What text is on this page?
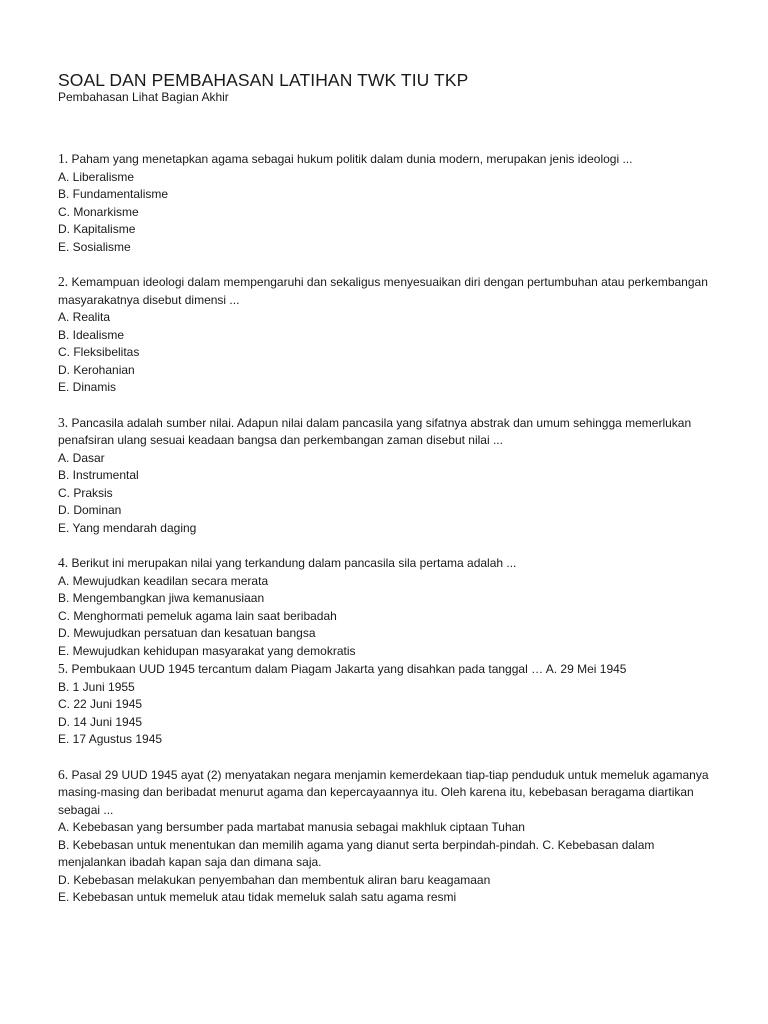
SOAL DAN PEMBAHASAN LATIHAN TWK TIU TKP

Pembahasan Lihat Bagian Akhir

1. Paham yang menetapkan agama sebagai hukum politik dalam dunia modern, merupakan jenis ideologi ...

A. Liberalisme

B. Fundamentalisme

C. Monarkisme

D. Kapitalisme

E. Sosialisme

2. Kemampuan ideologi dalam mempengaruhi dan sekaligus menyesuaikan diri dengan pertumbuhan atau perkembangan masyarakatnya disebut dimensi ...

A. Realita

B. Idealisme

C. Fleksibelitas

D. Kerohanian

E. Dinamis

3. Pancasila adalah sumber nilai. Adapun nilai dalam pancasila yang sifatnya abstrak dan umum sehingga memerlukan penafsiran ulang sesuai keadaan bangsa dan perkembangan zaman disebut nilai ...

A. Dasar

B. Instrumental

C. Praksis

D. Dominan

E. Yang mendarah daging

4. Berikut ini merupakan nilai yang terkandung dalam pancasila sila pertama adalah ...

A. Mewujudkan keadilan secara merata

B. Mengembangkan jiwa kemanusiaan

C. Menghormati pemeluk agama lain saat beribadah

D. Mewujudkan persatuan dan kesatuan bangsa

E. Mewujudkan kehidupan masyarakat yang demokratis

5. Pembukaan UUD 1945 tercantum dalam Piagam Jakarta yang disahkan pada tanggal … A. 29 Mei 1945

B. 1 Juni 1955

C. 22 Juni 1945

D. 14 Juni 1945

E. 17 Agustus 1945

6. Pasal 29 UUD 1945 ayat (2) menyatakan negara menjamin kemerdekaan tiap-tiap penduduk untuk memeluk agamanya masing-masing dan beribadat menurut agama dan kepercayaannya itu. Oleh karena itu, kebebasan beragama diartikan sebagai ...

A. Kebebasan yang bersumber pada martabat manusia sebagai makhluk ciptaan Tuhan

B. Kebebasan untuk menentukan dan memilih agama yang dianut serta berpindah-pindah. C. Kebebasan dalam menjalankan ibadah kapan saja dan dimana saja.

D. Kebebasan melakukan penyembahan dan membentuk aliran baru keagamaan

E. Kebebasan untuk memeluk atau tidak memeluk salah satu agama resmi
